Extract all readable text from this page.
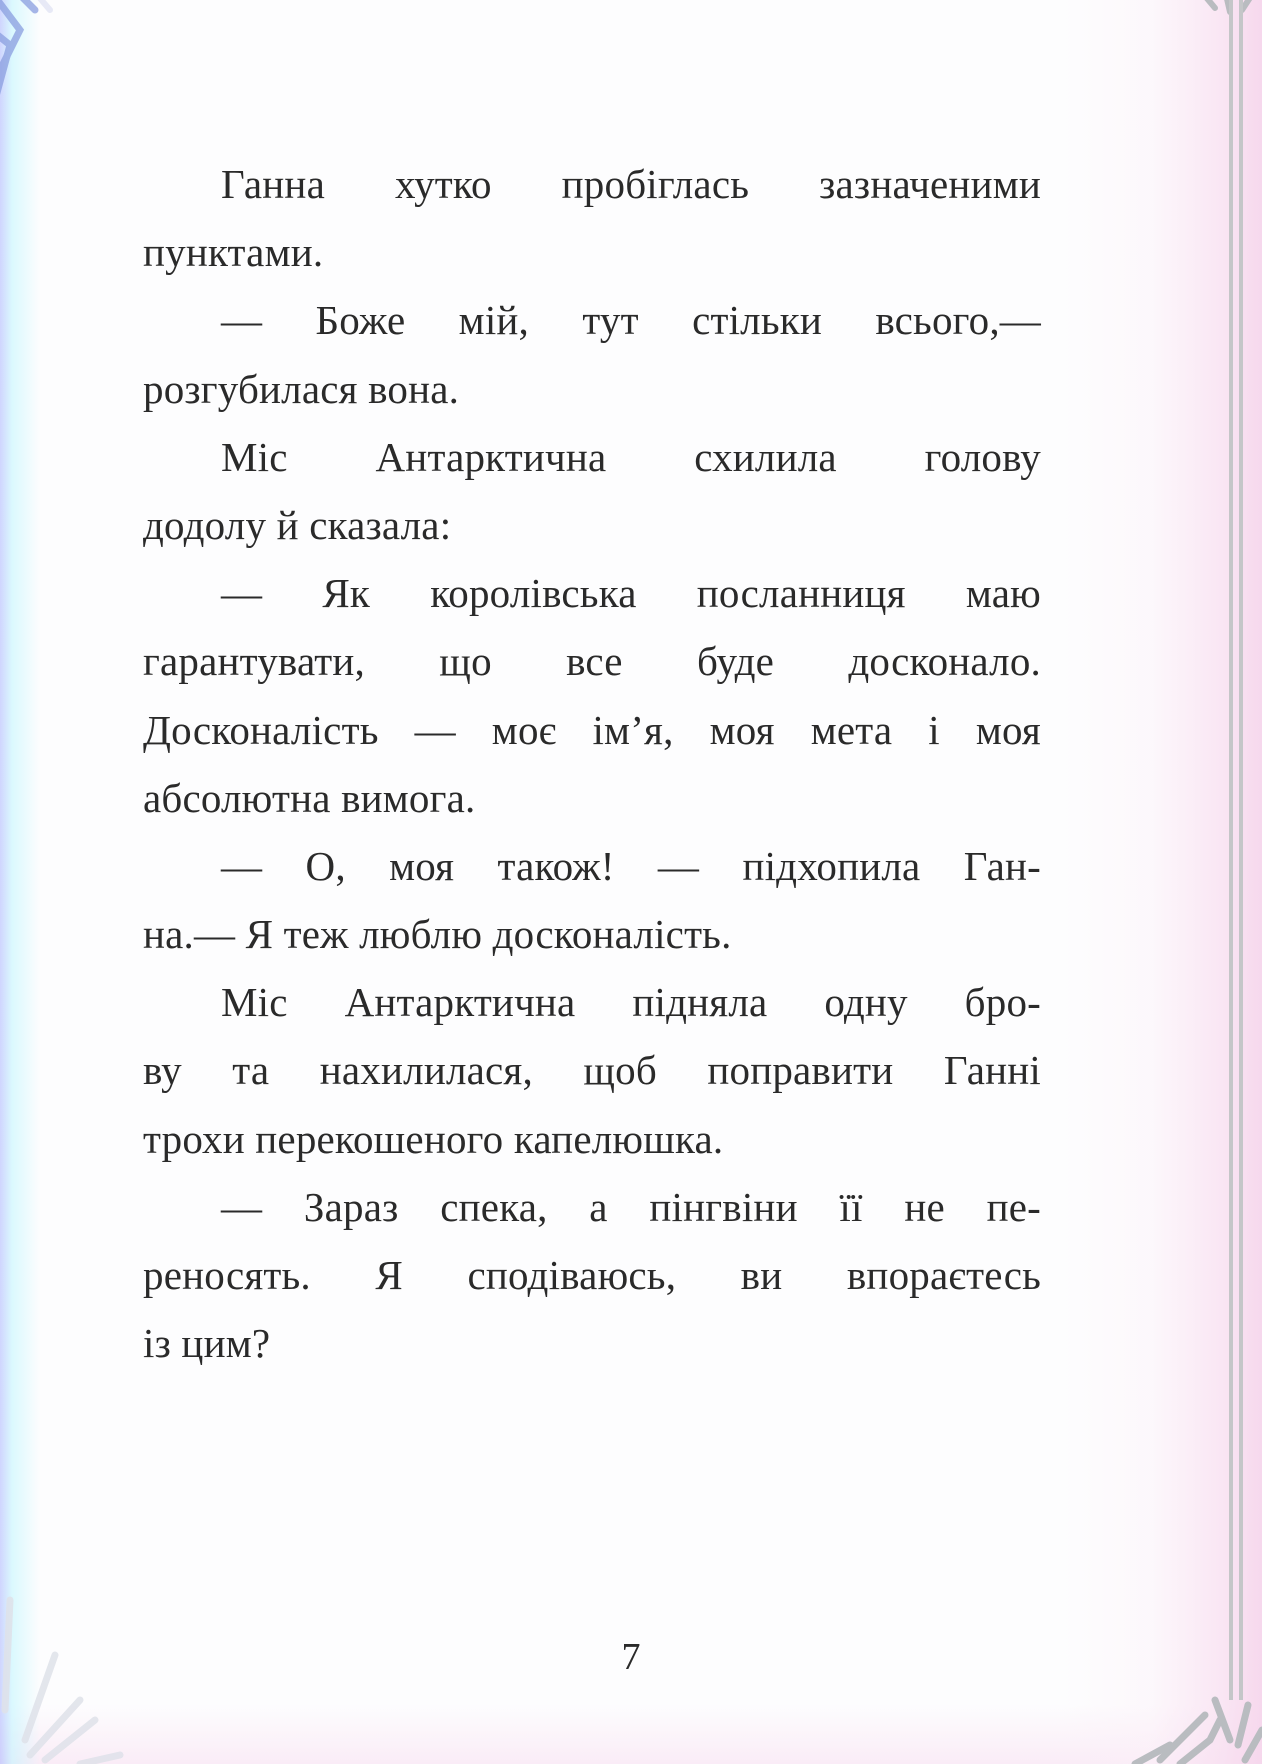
Ганна хутко пробіглась зазначеними
пунктами.

— Боже мій, тут стільки всього,—
розгубилася вона.

Міс Антарктична схилила голову
додолу й сказала:

— Як королівська посланниця маю
гарантувати, що все буде досконало.
Досконалість — моє ім’я, моя мета і моя
абсолютна вимога.

— О, моя також! — підхопила Ган-
на.— Я теж люблю досконалість.

Міс Антарктична підняла одну бро-
ву та нахилилася, щоб поправити Ганні
трохи перекошеного капелюшка.

— Зараз спека, а пінгвіни її не пе-
реносять. Я сподіваюсь, ви впораєтесь
із цим?

7
